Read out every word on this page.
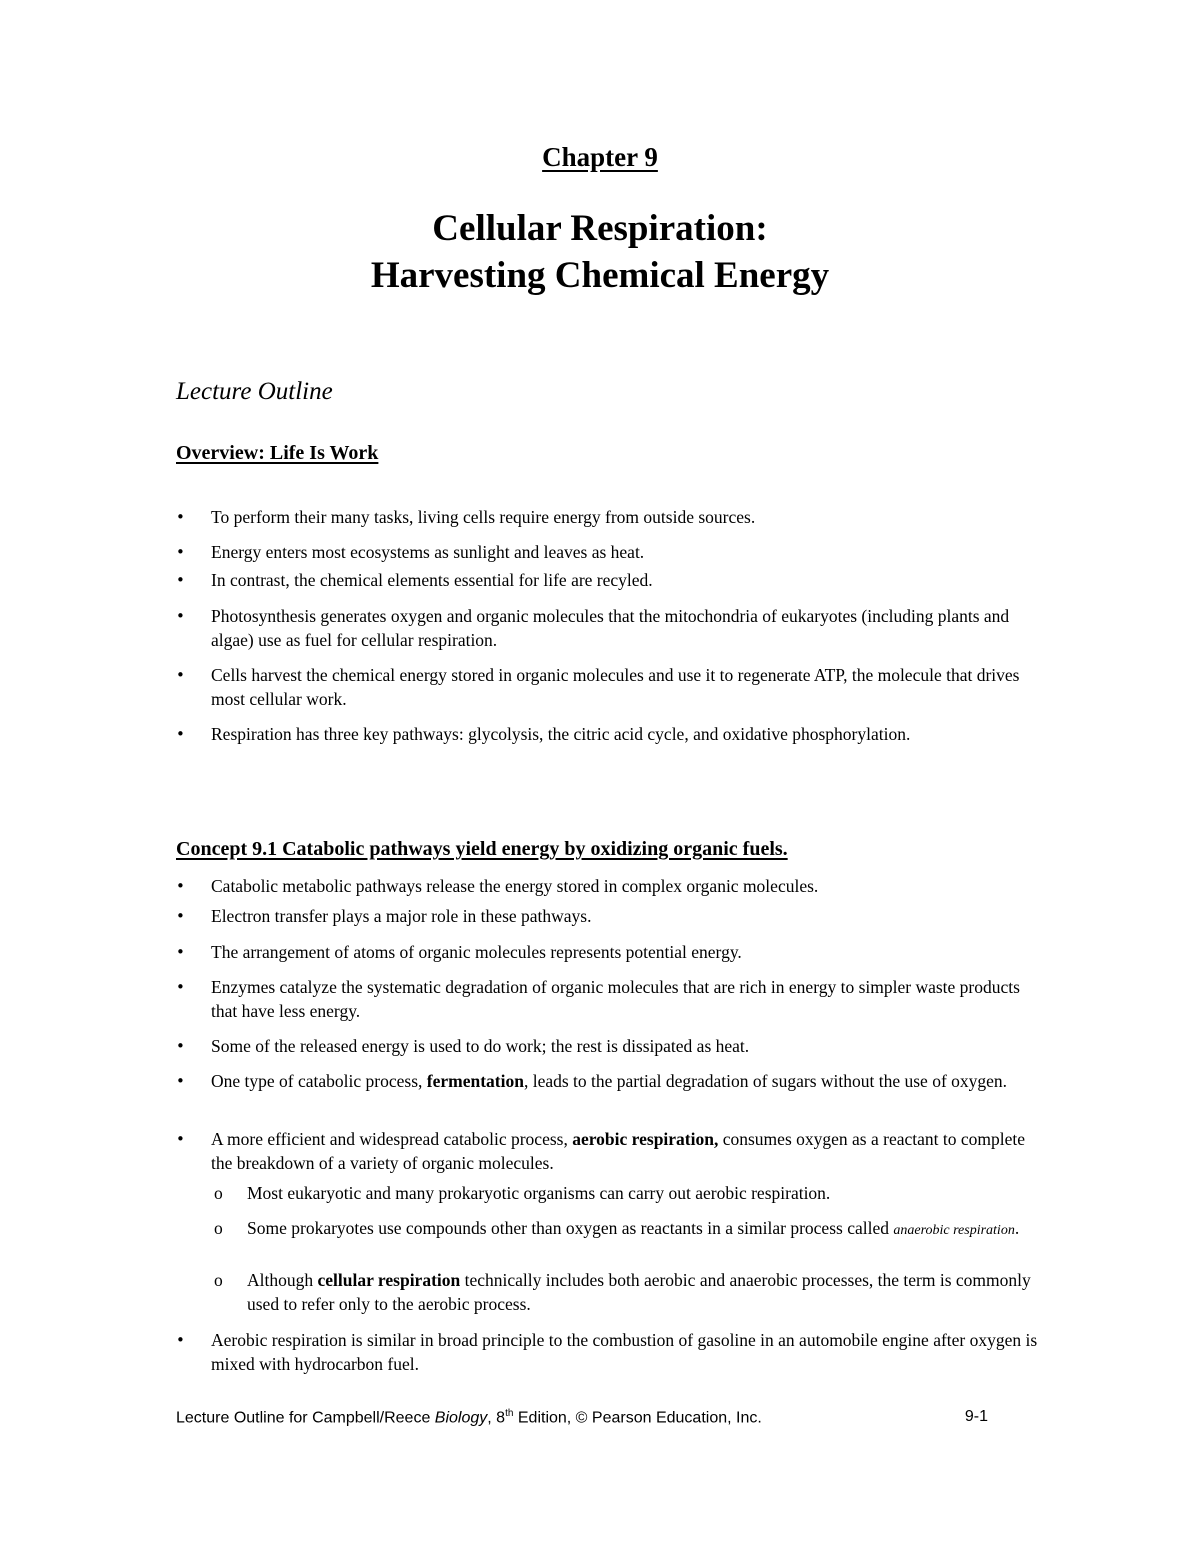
Chapter 9
Cellular Respiration:
Harvesting Chemical Energy
Lecture Outline
Overview: Life Is Work
• To perform their many tasks, living cells require energy from outside sources.
• Energy enters most ecosystems as sunlight and leaves as heat.
• In contrast, the chemical elements essential for life are recyled.
• Photosynthesis generates oxygen and organic molecules that the mitochondria of eukaryotes (including plants and algae) use as fuel for cellular respiration.
• Cells harvest the chemical energy stored in organic molecules and use it to regenerate ATP, the molecule that drives most cellular work.
• Respiration has three key pathways: glycolysis, the citric acid cycle, and oxidative phosphorylation.
Concept 9.1 Catabolic pathways yield energy by oxidizing organic fuels.
• Catabolic metabolic pathways release the energy stored in complex organic molecules.
• Electron transfer plays a major role in these pathways.
• The arrangement of atoms of organic molecules represents potential energy.
• Enzymes catalyze the systematic degradation of organic molecules that are rich in energy to simpler waste products that have less energy.
• Some of the released energy is used to do work; the rest is dissipated as heat.
• One type of catabolic process, fermentation, leads to the partial degradation of sugars without the use of oxygen.
• A more efficient and widespread catabolic process, aerobic respiration, consumes oxygen as a reactant to complete the breakdown of a variety of organic molecules.
o Most eukaryotic and many prokaryotic organisms can carry out aerobic respiration.
o Some prokaryotes use compounds other than oxygen as reactants in a similar process called anaerobic respiration.
o Although cellular respiration technically includes both aerobic and anaerobic processes, the term is commonly used to refer only to the aerobic process.
• Aerobic respiration is similar in broad principle to the combustion of gasoline in an automobile engine after oxygen is mixed with hydrocarbon fuel.
Lecture Outline for Campbell/Reece Biology, 8th Edition, © Pearson Education, Inc.	9-1
